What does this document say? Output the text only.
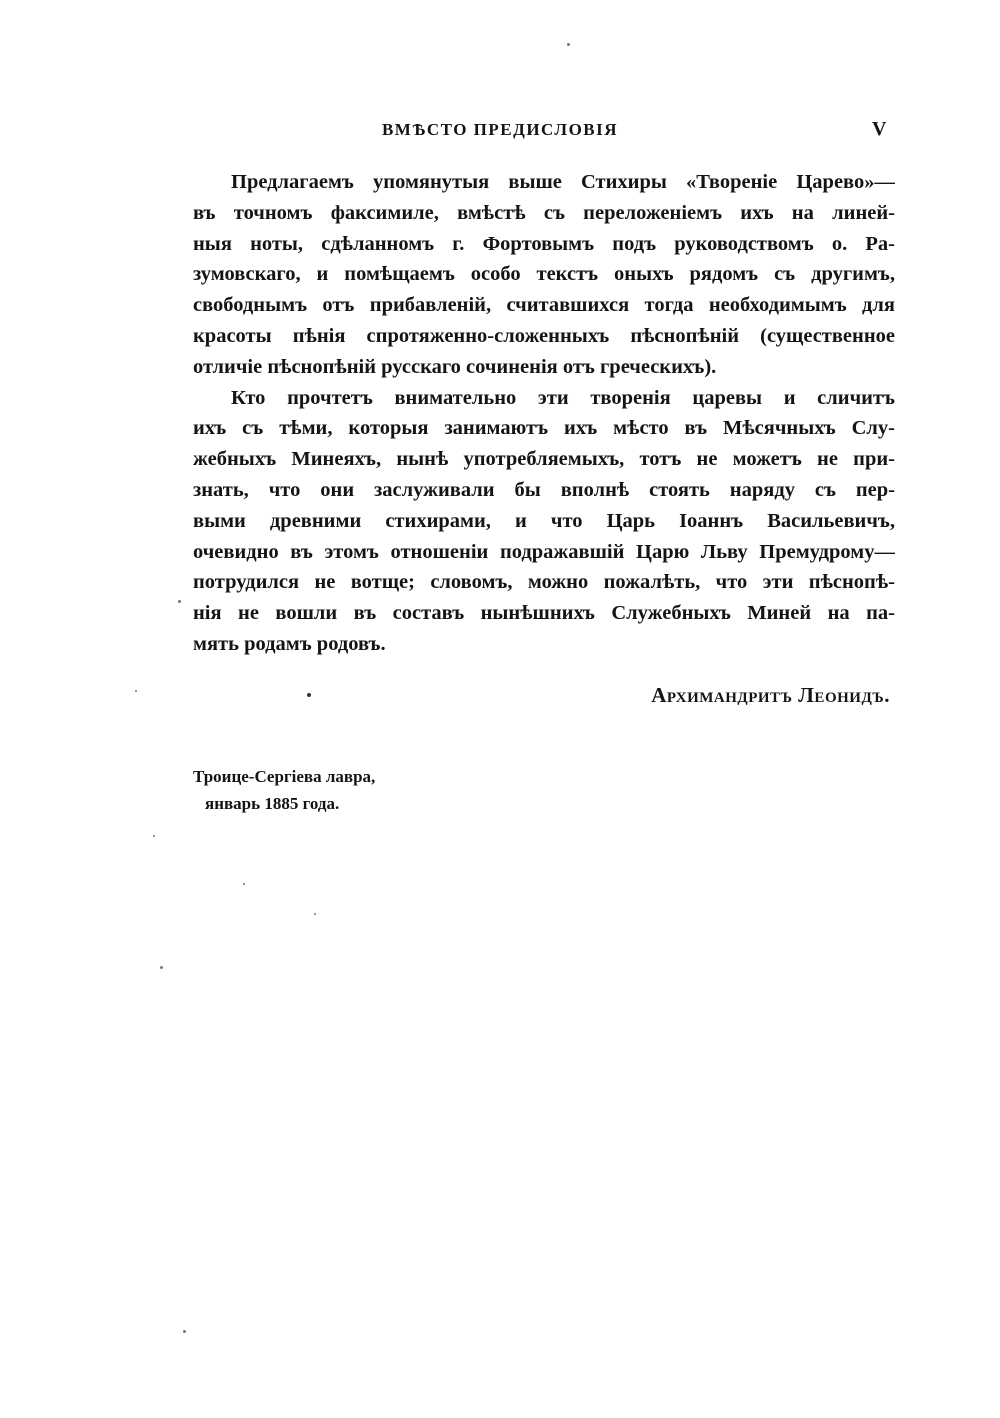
ВМѢСТО ПРЕДИСЛОВІЯ	V
Предлагаемъ упомянутыя выше Стихиры «Твореніе Царево»—
въ точномъ факсимиле, вмѣстѣ съ переложеніемъ ихъ на линей-
ныя ноты, сдѣланномъ г. Фортовымъ подъ руководствомъ о. Ра-
зумовскаго, и помѣщаемъ особо текстъ оныхъ рядомъ съ другимъ,
свободнымъ отъ прибавленій, считавшихся тогда необходимымъ для
красоты пѣнія спротяженно-сложенныхъ пѣснопѣній (существенное
отличіе пѣснопѣній русскаго сочиненія отъ греческихъ).
Кто прочтетъ внимательно эти творенія царевы и сличитъ
ихъ съ тѣми, которыя занимаютъ ихъ мѣсто въ Мѣсячныхъ Слу-
жебныхъ Минеяхъ, нынѣ употребляемыхъ, тотъ не можетъ не при-
знать, что они заслуживали бы вполнѣ стоять наряду съ пер-
выми древними стихирами, и что Царь Іоаннъ Васильевичъ,
очевидно въ этомъ отношеніи подражавшій Царю Льву Премудрому—
потрудился не вотще; словомъ, можно пожалѣть, что эти пѣснопѣ-
нія не вошли въ составъ нынѣшнихъ Служебныхъ Миней на па-
мять родамъ родовъ.
Архимандритъ Леонидъ.
Троице-Сергіева лавра,
январь 1885 года.
